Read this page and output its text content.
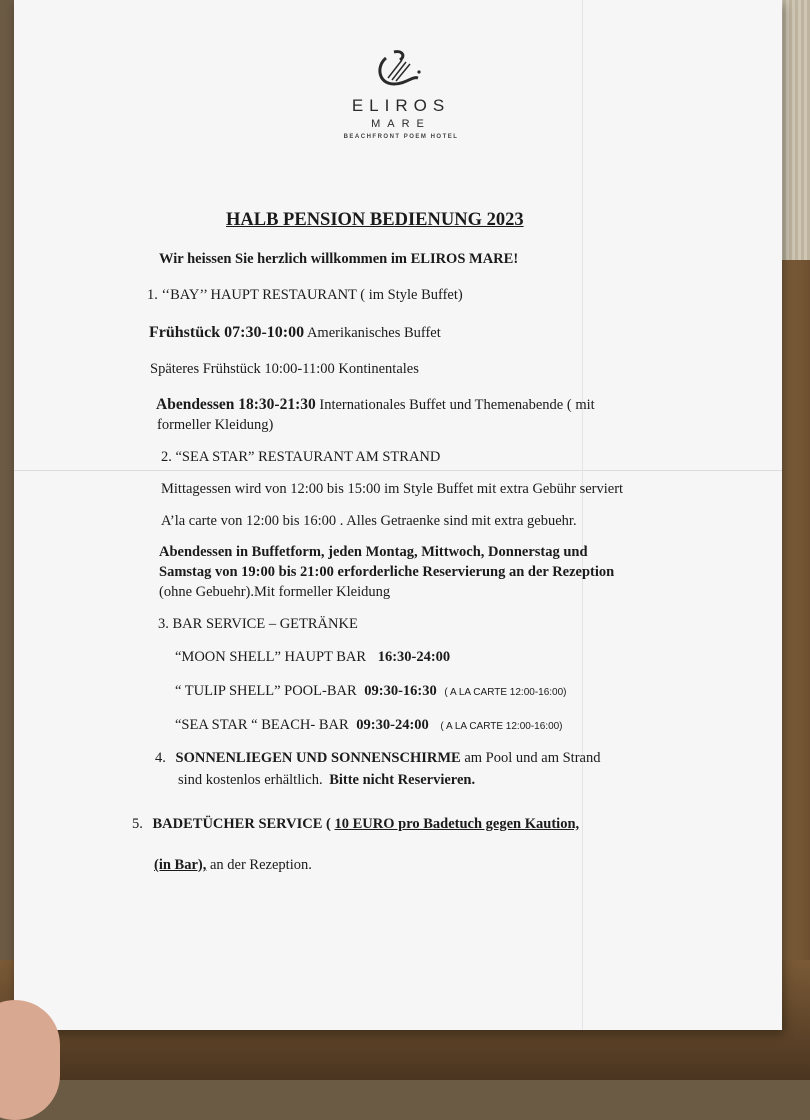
ELIROS
MARE
BEACHFRONT POEM HOTEL
HALB PENSION BEDIENUNG 2023
Wir heissen Sie herzlich willkommen im ELIROS MARE!
1. ‘‘BAY’’ HAUPT RESTAURANT ( im Style Buffet)
Frühstück 07:30-10:00 Amerikanisches Buffet
Späteres Frühstück 10:00-11:00 Kontinentales
Abendessen 18:30-21:30 Internationales Buffet und Themenabende ( mit
formeller Kleidung)
2. “SEA STAR” RESTAURANT AM STRAND
Mittagessen wird von 12:00 bis 15:00 im Style Buffet mit extra Gebühr serviert
A’la carte von 12:00 bis 16:00 . Alles Getraenke sind mit extra gebuehr.
Abendessen in Buffetform, jeden Montag, Mittwoch, Donnerstag und
Samstag von 19:00 bis 21:00 erforderliche Reservierung an der Rezeption
(ohne Gebuehr).Mit formeller Kleidung
3. BAR SERVICE – GETRÄNKE
“MOON SHELL” HAUPT BAR 16:30-24:00
“ TULIP SHELL” POOL-BAR 09:30-16:30 ( A LA CARTE 12:00-16:00)
“SEA STAR “ BEACH- BAR 09:30-24:00 ( A LA CARTE 12:00-16:00)
4. SONNENLIEGEN UND SONNENSCHIRME am Pool und am Strand
sind kostenlos erhältlich. Bitte nicht Reservieren.
5. BADETÜCHER SERVICE ( 10 EURO pro Badetuch gegen Kaution,
(in Bar), an der Rezeption.
